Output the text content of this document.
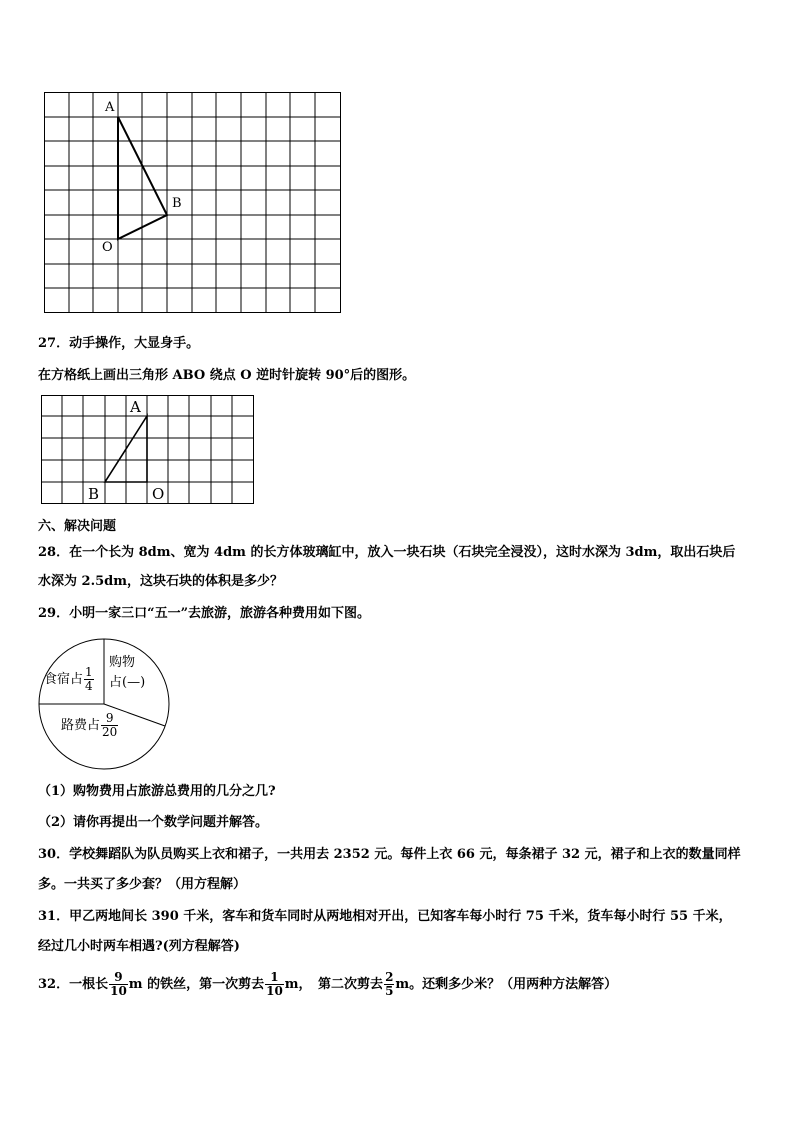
A
B
O
27．动手操作，大显身手。
在方格纸上画出三角形 ABO 绕点 O 逆时针旋转 90°后的图形。
A
B	O
六、解决问题
28．在一个长为 8dm、宽为 4dm 的长方体玻璃缸中，放入一块石块（石块完全浸没），这时水深为 3dm，取出石块后
水深为 2.5dm，这块石块的体积是多少？
29．小明一家三口“五一”去旅游，旅游各种费用如下图。
食宿占 $\frac{1}{4}$
购物
占(—)
路费占 $\frac{9}{20}$
（1）购物费用占旅游总费用的几分之几?
（2）请你再提出一个数学问题并解答。
30．学校舞蹈队为队员购买上衣和裙子，一共用去 2352 元。每件上衣 66 元，每条裙子 32 元，裙子和上衣的数量同样
多。一共买了多少套？（用方程解）
31．甲乙两地间长 390 千米，客车和货车同时从两地相对开出，已知客车每小时行 75 千米，货车每小时行 55 千米，
经过几小时两车相遇?(列方程解答)
32．一根长 $\frac{9}{10}$ m 的铁丝，第一次剪去 $\frac{1}{10}$ m，　第二次剪去 $\frac{2}{5}$ m。还剩多少米？（用两种方法解答）
